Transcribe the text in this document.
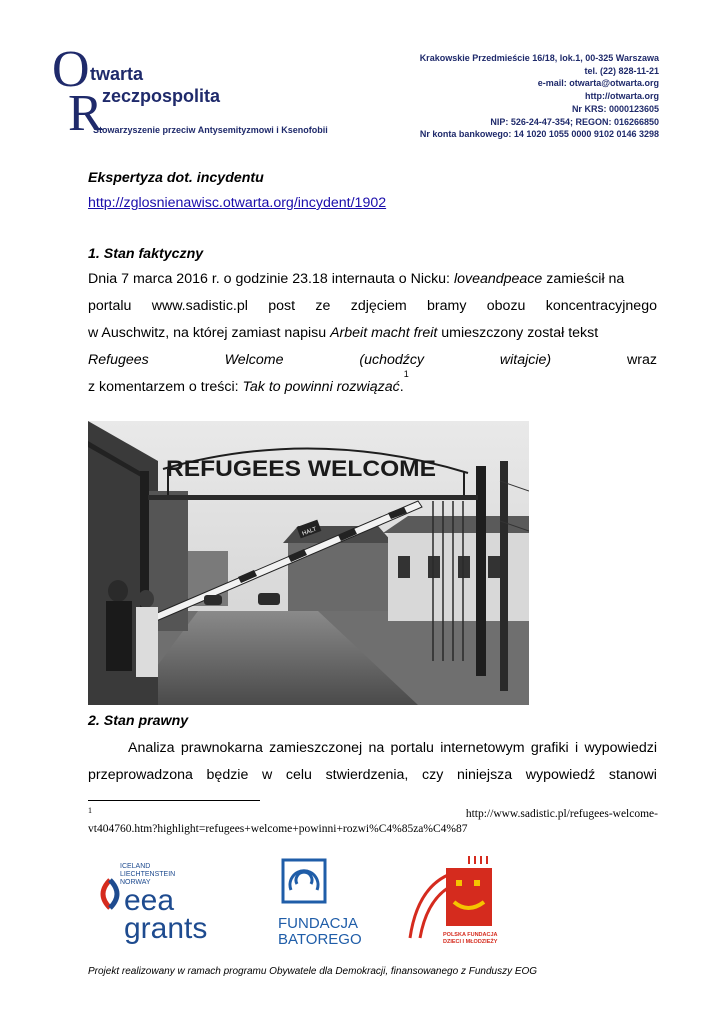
O twarta
R zeczpospolita
Stowarzyszenie przeciw Antysemityzmowi i Ksenofobii
Krakowskie Przedmieście 16/18, lok.1, 00-325 Warszawa
tel. (22) 828-11-21
e-mail: otwarta@otwarta.org
http://otwarta.org
Nr KRS: 0000123605
NIP: 526-24-47-354; REGON: 016266850
Nr konta bankowego: 14 1020 1055 0000 9102 0146 3298
Ekspertyza dot. incydentu
http://zglosnienawisc.otwarta.org/incydent/1902
1. Stan faktyczny
Dnia 7 marca 2016 r. o godzinie 23.18 internauta o Nicku: loveandpeace zamieścił na
portalu www.sadistic.pl post ze zdjęciem bramy obozu koncentracyjnego
w Auschwitz, na której zamiast napisu Arbeit macht freit umieszczony został tekst
Refugees	Welcome	(uchodźcy	witajcie)	wraz
z komentarzem o treści: Tak to powinni rozwiązać .
1
REFUGEES WELCOME
HALT
2. Stan prawny
Analiza prawnokarna zamieszczonej na portalu internetowym grafiki i wypowiedzi
przeprowadzona będzie w celu stwierdzenia, czy niniejsza wypowiedź stanowi
1	http://www.sadistic.pl/refugees-welcome-
vt404760.htm?highlight=refugees+welcome+powinni+rozwi%C4%85za%C4%87
ICELAND
LIECHTENSTEIN
NORWAY
eea
grants	FUNDACJA
BATOREGO	POLSKA FUNDACJA
DZIECI I MŁODZIEŻY
Projekt realizowany w ramach programu Obywatele dla Demokracji, finansowanego z Funduszy EOG
